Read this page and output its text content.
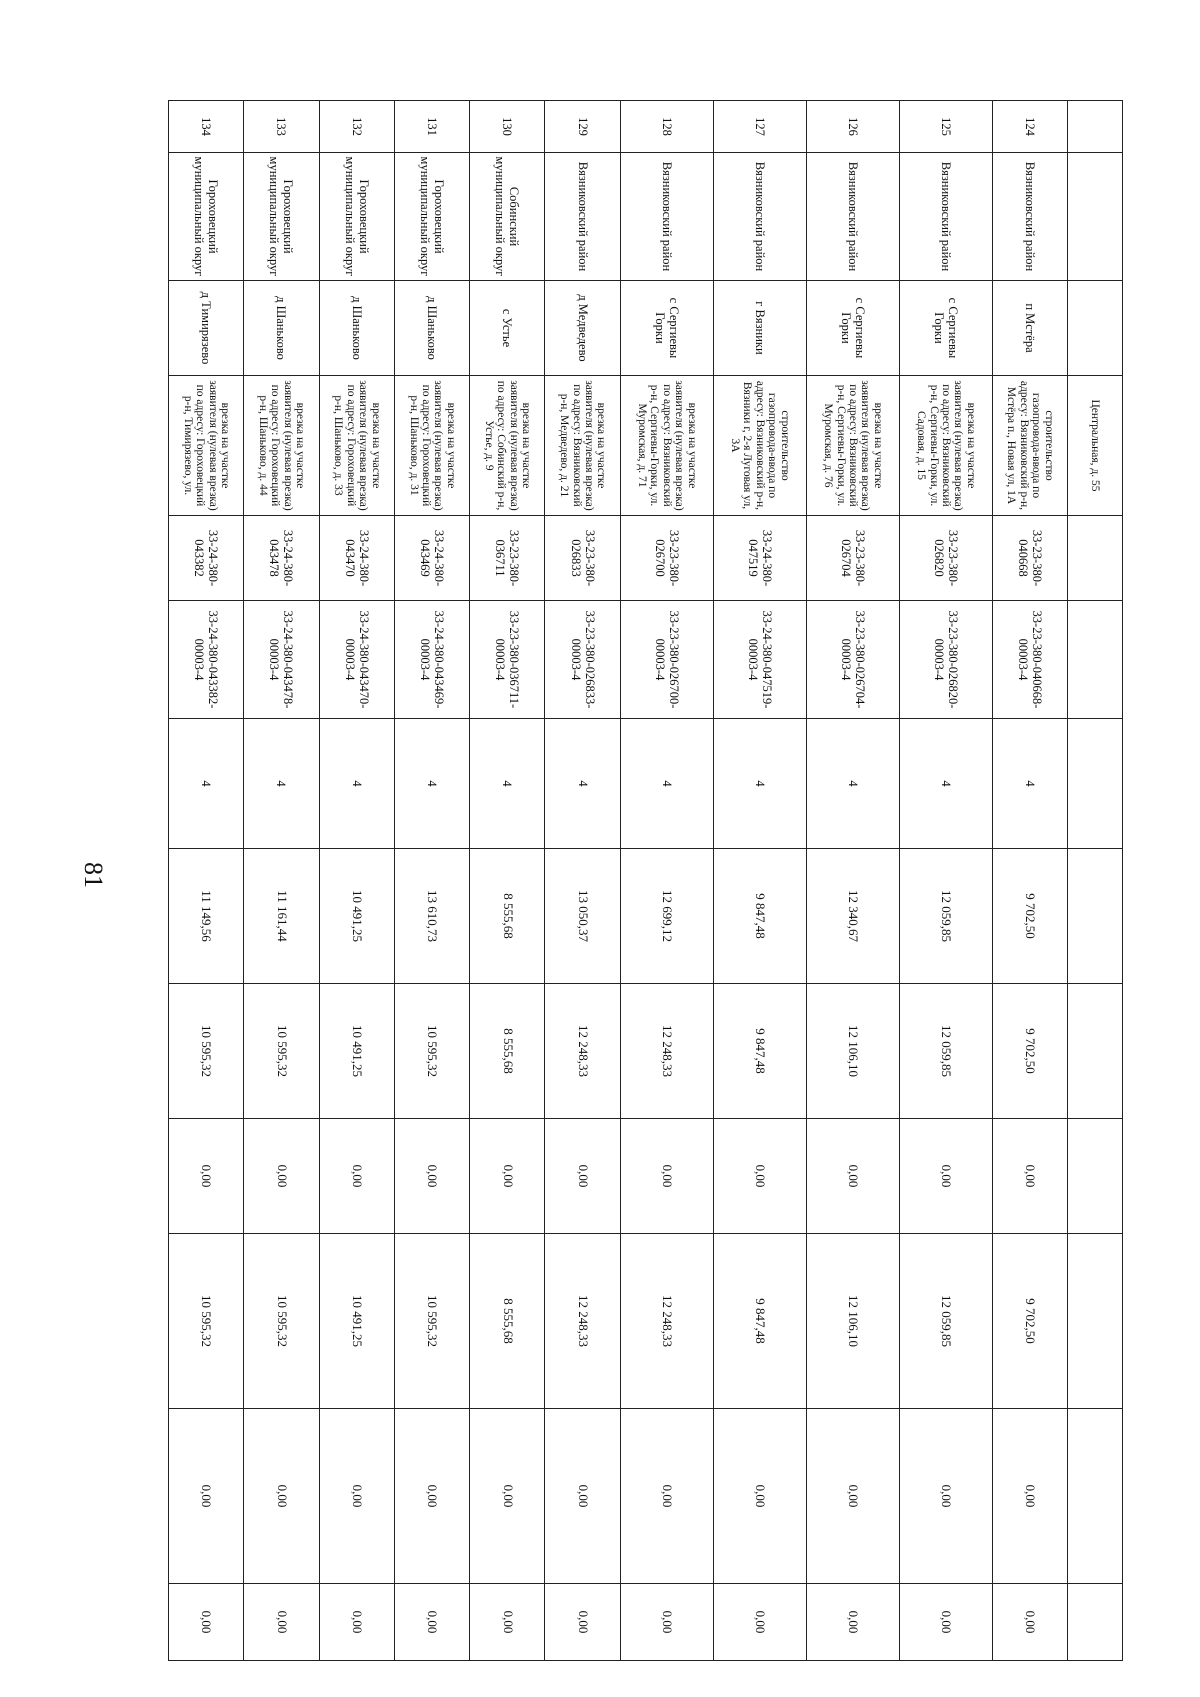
81
			Центральная, д. 55									
124	Вязниковский район	п Мстёра	строительство газопровода-ввода по адресу: Вязниковский р-н, Мстёра п., Новая ул, 1А	33-23-380-040668	33-23-380-040668-00003-4	4	9 702,50	9 702,50	0,00	9 702,50	0,00	0,00
125	Вязниковский район	с Сергиевы Горки	врезка на участке заявителя (нулевая врезка) по адресу: Вязниковский р-н, Сергиевы-Горки, ул. Садовая, д. 15	33-23-380-026820	33-23-380-026820-00003-4	4	12 059,85	12 059,85	0,00	12 059,85	0,00	0,00
126	Вязниковский район	с Сергиевы Горки	врезка на участке заявителя (нулевая врезка) по адресу: Вязниковский р-н, Сергиевы-Горки, ул. Муромская, д. 76	33-23-380-026704	33-23-380-026704-00003-4	4	12 340,67	12 106,10	0,00	12 106,10	0,00	0,00
127	Вязниковский район	г Вязники	строительство газопровода-ввода по адресу: Вязниковский р-н, Вязники г, 2-я Луговая ул, 3А	33-24-380-047519	33-24-380-047519-00003-4	4	9 847,48	9 847,48	0,00	9 847,48	0,00	0,00
128	Вязниковский район	с Сергиевы Горки	врезка на участке заявителя (нулевая врезка) по адресу: Вязниковский р-н, Сергиевы-Горки, ул. Муромская, д. 71	33-23-380-026700	33-23-380-026700-00003-4	4	12 699,12	12 248,33	0,00	12 248,33	0,00	0,00
129	Вязниковский район	д Медведево	врезка на участке заявителя (нулевая врезка) по адресу: Вязниковский р-н, Медведево, д. 21	33-23-380-026833	33-23-380-026833-00003-4	4	13 050,37	12 248,33	0,00	12 248,33	0,00	0,00
130	Собинский муниципальный округ	с Устье	врезка на участке заявителя (нулевая врезка) по адресу: Собинский р-н, Устье, д. 9	33-23-380-036711	33-23-380-036711-00003-4	4	8 555,68	8 555,68	0,00	8 555,68	0,00	0,00
131	Гороховецкий муниципальный округ	д Шаньково	врезка на участке заявителя (нулевая врезка) по адресу: Гороховецкий р-н, Шаньково, д. 31	33-24-380-043469	33-24-380-043469-00003-4	4	13 610,73	10 595,32	0,00	10 595,32	0,00	0,00
132	Гороховецкий муниципальный округ	д Шаньково	врезка на участке заявителя (нулевая врезка) по адресу: Гороховецкий р-н, Шаньково, д. 33	33-24-380-043470	33-24-380-043470-00003-4	4	10 491,25	10 491,25	0,00	10 491,25	0,00	0,00
133	Гороховецкий муниципальный округ	д Шаньково	врезка на участке заявителя (нулевая врезка) по адресу: Гороховецкий р-н, Шаньково, д. 44	33-24-380-043478	33-24-380-043478-00003-4	4	11 161,44	10 595,32	0,00	10 595,32	0,00	0,00
134	Гороховецкий муниципальный округ	д Тимирязево	врезка на участке заявителя (нулевая врезка) по адресу: Гороховецкий р-н, Тимирязево, ул.	33-24-380-043382	33-24-380-043382-00003-4	4	11 149,56	10 595,32	0,00	10 595,32	0,00	0,00
